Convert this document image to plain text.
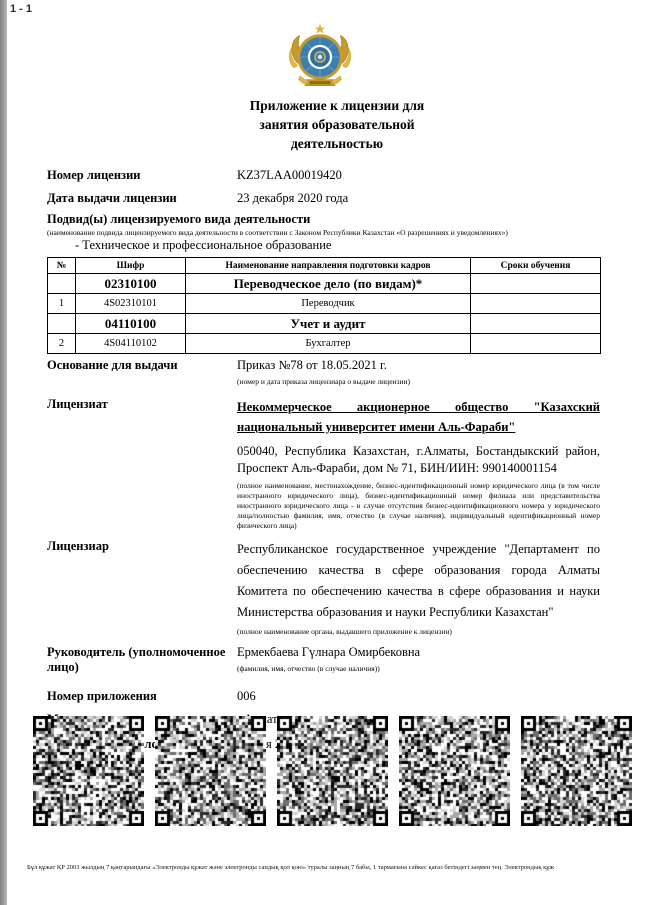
1 - 1
Приложение к лицензии для
занятия образовательной
деятельностью
Номер лицензии	KZ37LAA00019420
Дата выдачи лицензии	23 декабря 2020 года
Подвид(ы) лицензируемого вида деятельности
(наименование подвида лицензируемого вида деятельности в соответствии с Законом Республики Казахстан «О разрешениях и уведомлениях»)
- Техническое и профессиональное образование
№	Шифр	Наименование направления подготовки кадров	Сроки обучения
	02310100	Переводческое дело (по видам)*	
1	4S02310101	Переводчик	
	04110100	Учет и аудит	
2	4S04110102	Бухгалтер	
Основание для выдачи	Приказ №78 от 18.05.2021 г.
(номер и дата приказа лицензиара о выдаче лицензии)
Лицензиат	Некоммерческое акционерное общество "Казахский национальный университет имени Аль-Фараби"
050040, Республика Казахстан, г.Алматы, Бостандыкский район, Проспект Аль-Фараби, дом № 71, БИН/ИИН: 990140001154
(полное наименование, местонахождение, бизнес-идентификационный номер юридического лица (в том числе иностранного юридического лица), бизнес-идентификационный номер филиала или представительства иностранного юридического лица - в случае отсутствия бизнес-идентификационного номера у юридического лица/полностью фамилия, имя, отчество (в случае наличия), индивидуальный идентификационный номер физического лица)
Лицензиар	Республиканское государственное учреждение "Департамент по обеспечению качества в сфере образования города Алматы Комитета по обеспечению качества в сфере образования и науки Министерства образования и науки Республики Казахстан"
(полное наименование органа, выдавшего приложение к лицензии)
Руководитель (уполномоченное лицо)
Ермекбаева Гүлнара Омирбековна
(фамилия, имя, отчество (в случае наличия))
Номер приложения	006
Бұл құжат ҚР 2003 жылдың 7 қаңтарындағы «Электронды құжат және электронды сандық қол қою» туралы заңның 7 бабы, 1 тармағына сәйкес қағаз бетіндегі заңмен тең. Электрондық құж
